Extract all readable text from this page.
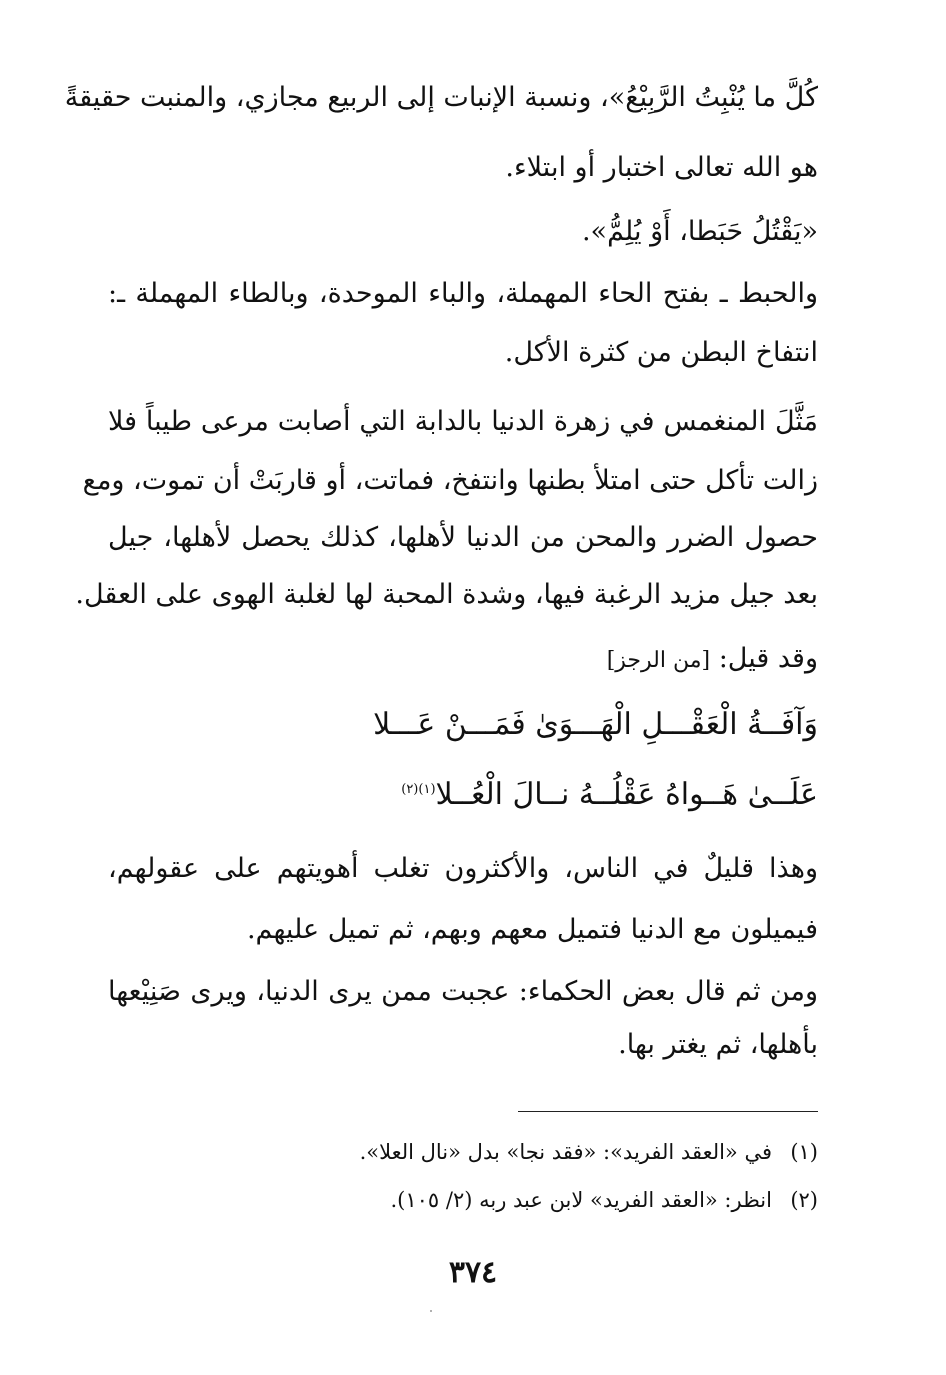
كُلَّ ما يُنْبِتُ الرَّبِيْعُ»، ونسبة الإنبات إلى الربيع مجازي، والمنبت حقيقةً
هو الله تعالى اختبار أو ابتلاء.
«يَقْتُلُ حَبَطا، أَوْ يُلِمُّ».
والحبط ـ بفتح الحاء المهملة، والباء الموحدة، وبالطاء المهملة ـ:
انتفاخ البطن من كثرة الأكل.
مَثَّلَ المنغمس في زهرة الدنيا بالدابة التي أصابت مرعى طيباً فلا
زالت تأكل حتى امتلأ بطنها وانتفخ، فماتت، أو قاربَتْ أن تموت، ومع
حصول الضرر والمحن من الدنيا لأهلها، كذلك يحصل لأهلها، جيل
بعد جيل مزيد الرغبة فيها، وشدة المحبة لها لغلبة الهوى على العقل.
وقد قيل: [من الرجز]
وَآفَــةُ الْعَقْـــلِ الْهَـــوَىٰ فَمَـــنْ عَـــلا
عَلَــىٰ هَــواهُ عَقْلُــهُ نــالَ الْعُــلا$^{(١)(٢)}$
وهذا قليلٌ في الناس، والأكثرون تغلب أهويتهم على عقولهم،
فيميلون مع الدنيا فتميل معهم وبهم، ثم تميل عليهم.
ومن ثم قال بعض الحكماء: عجبت ممن يرى الدنيا، ويرى صَنِيْعها
بأهلها، ثم يغتر بها.
(١)في «العقد الفريد»: «فقد نجا» بدل «نال العلا».
(٢)انظر: «العقد الفريد» لابن عبد ربه (٢/ ١٠٥).
٣٧٤
